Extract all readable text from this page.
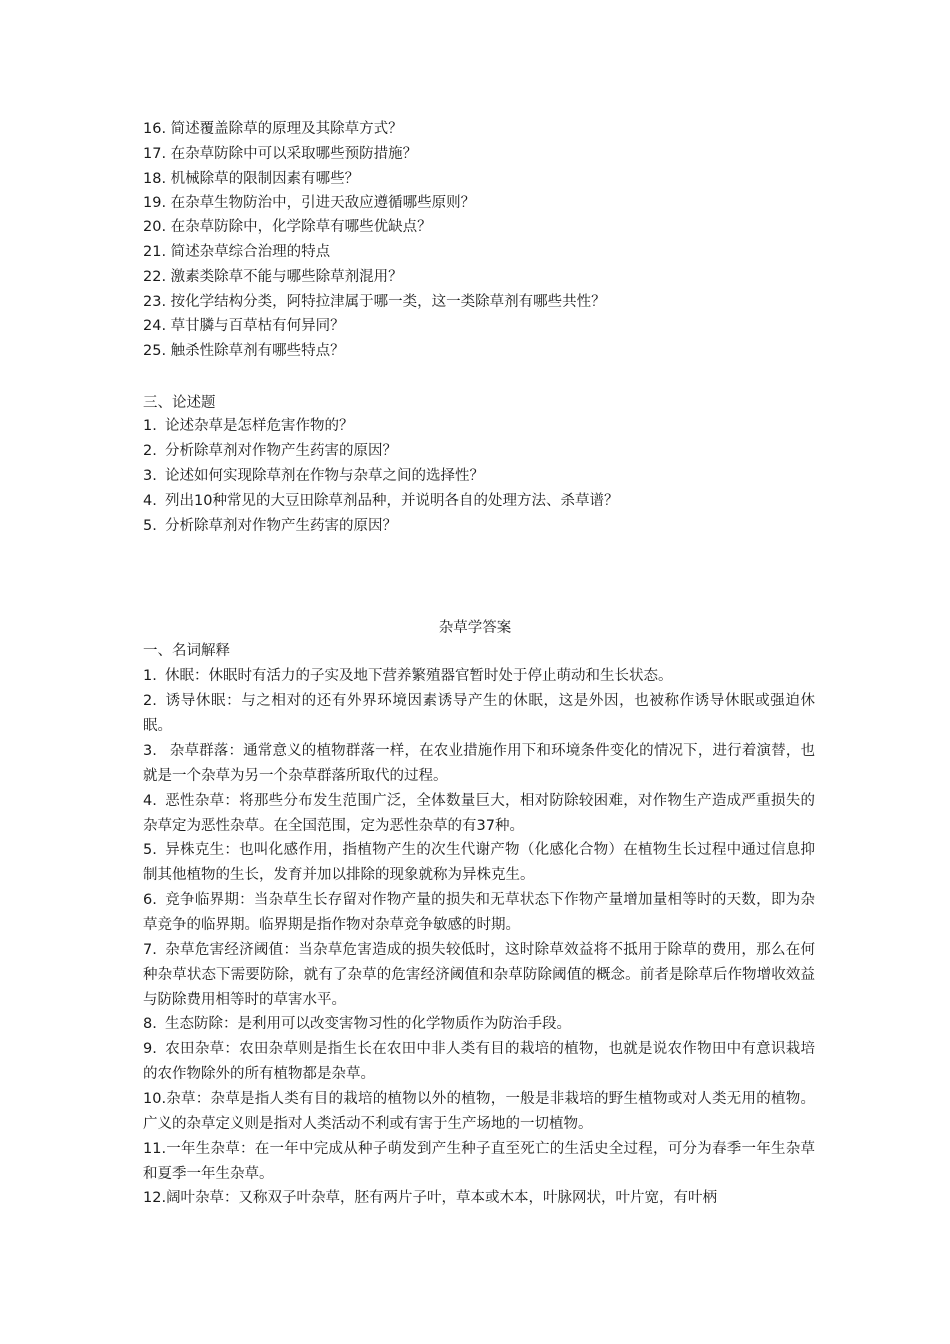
16. 简述覆盖除草的原理及其除草方式？
17. 在杂草防除中可以采取哪些预防措施？
18. 机械除草的限制因素有哪些？
19. 在杂草生物防治中，引进天敌应遵循哪些原则？
20. 在杂草防除中，化学除草有哪些优缺点？
21. 简述杂草综合治理的特点
22. 激素类除草不能与哪些除草剂混用？
23. 按化学结构分类，阿特拉津属于哪一类，这一类除草剂有哪些共性？
24. 草甘膦与百草枯有何异同？
25. 触杀性除草剂有哪些特点？
三、论述题
1. 论述杂草是怎样危害作物的？
2. 分析除草剂对作物产生药害的原因？
3. 论述如何实现除草剂在作物与杂草之间的选择性？
4. 列出10种常见的大豆田除草剂品种，并说明各自的处理方法、杀草谱？
5. 分析除草剂对作物产生药害的原因？
杂草学答案
一、名词解释
1. 休眠：休眠时有活力的子实及地下营养繁殖器官暂时处于停止萌动和生长状态。
2. 诱导休眠：与之相对的还有外界环境因素诱导产生的休眠，这是外因，也被称作诱导休眠或强迫休眠。
3. 杂草群落：通常意义的植物群落一样，在农业措施作用下和环境条件变化的情况下，进行着演替，也就是一个杂草为另一个杂草群落所取代的过程。
4. 恶性杂草：将那些分布发生范围广泛，全体数量巨大，相对防除较困难，对作物生产造成严重损失的杂草定为恶性杂草。在全国范围，定为恶性杂草的有37种。
5. 异株克生：也叫化感作用，指植物产生的次生代谢产物（化感化合物）在植物生长过程中通过信息抑制其他植物的生长，发育并加以排除的现象就称为异株克生。
6. 竞争临界期：当杂草生长存留对作物产量的损失和无草状态下作物产量增加量相等时的天数，即为杂草竞争的临界期。临界期是指作物对杂草竞争敏感的时期。
7. 杂草危害经济阈值：当杂草危害造成的损失较低时，这时除草效益将不抵用于除草的费用，那么在何种杂草状态下需要防除，就有了杂草的危害经济阈值和杂草防除阈值的概念。前者是除草后作物增收效益与防除费用相等时的草害水平。
8. 生态防除：是利用可以改变害物习性的化学物质作为防治手段。
9. 农田杂草：农田杂草则是指生长在农田中非人类有目的栽培的植物，也就是说农作物田中有意识栽培的农作物除外的所有植物都是杂草。
10.杂草：杂草是指人类有目的栽培的植物以外的植物，一般是非栽培的野生植物或对人类无用的植物。广义的杂草定义则是指对人类活动不利或有害于生产场地的一切植物。
11.一年生杂草：在一年中完成从种子萌发到产生种子直至死亡的生活史全过程，可分为春季一年生杂草和夏季一年生杂草。
12.阔叶杂草：又称双子叶杂草，胚有两片子叶，草本或木本，叶脉网状，叶片宽，有叶柄
